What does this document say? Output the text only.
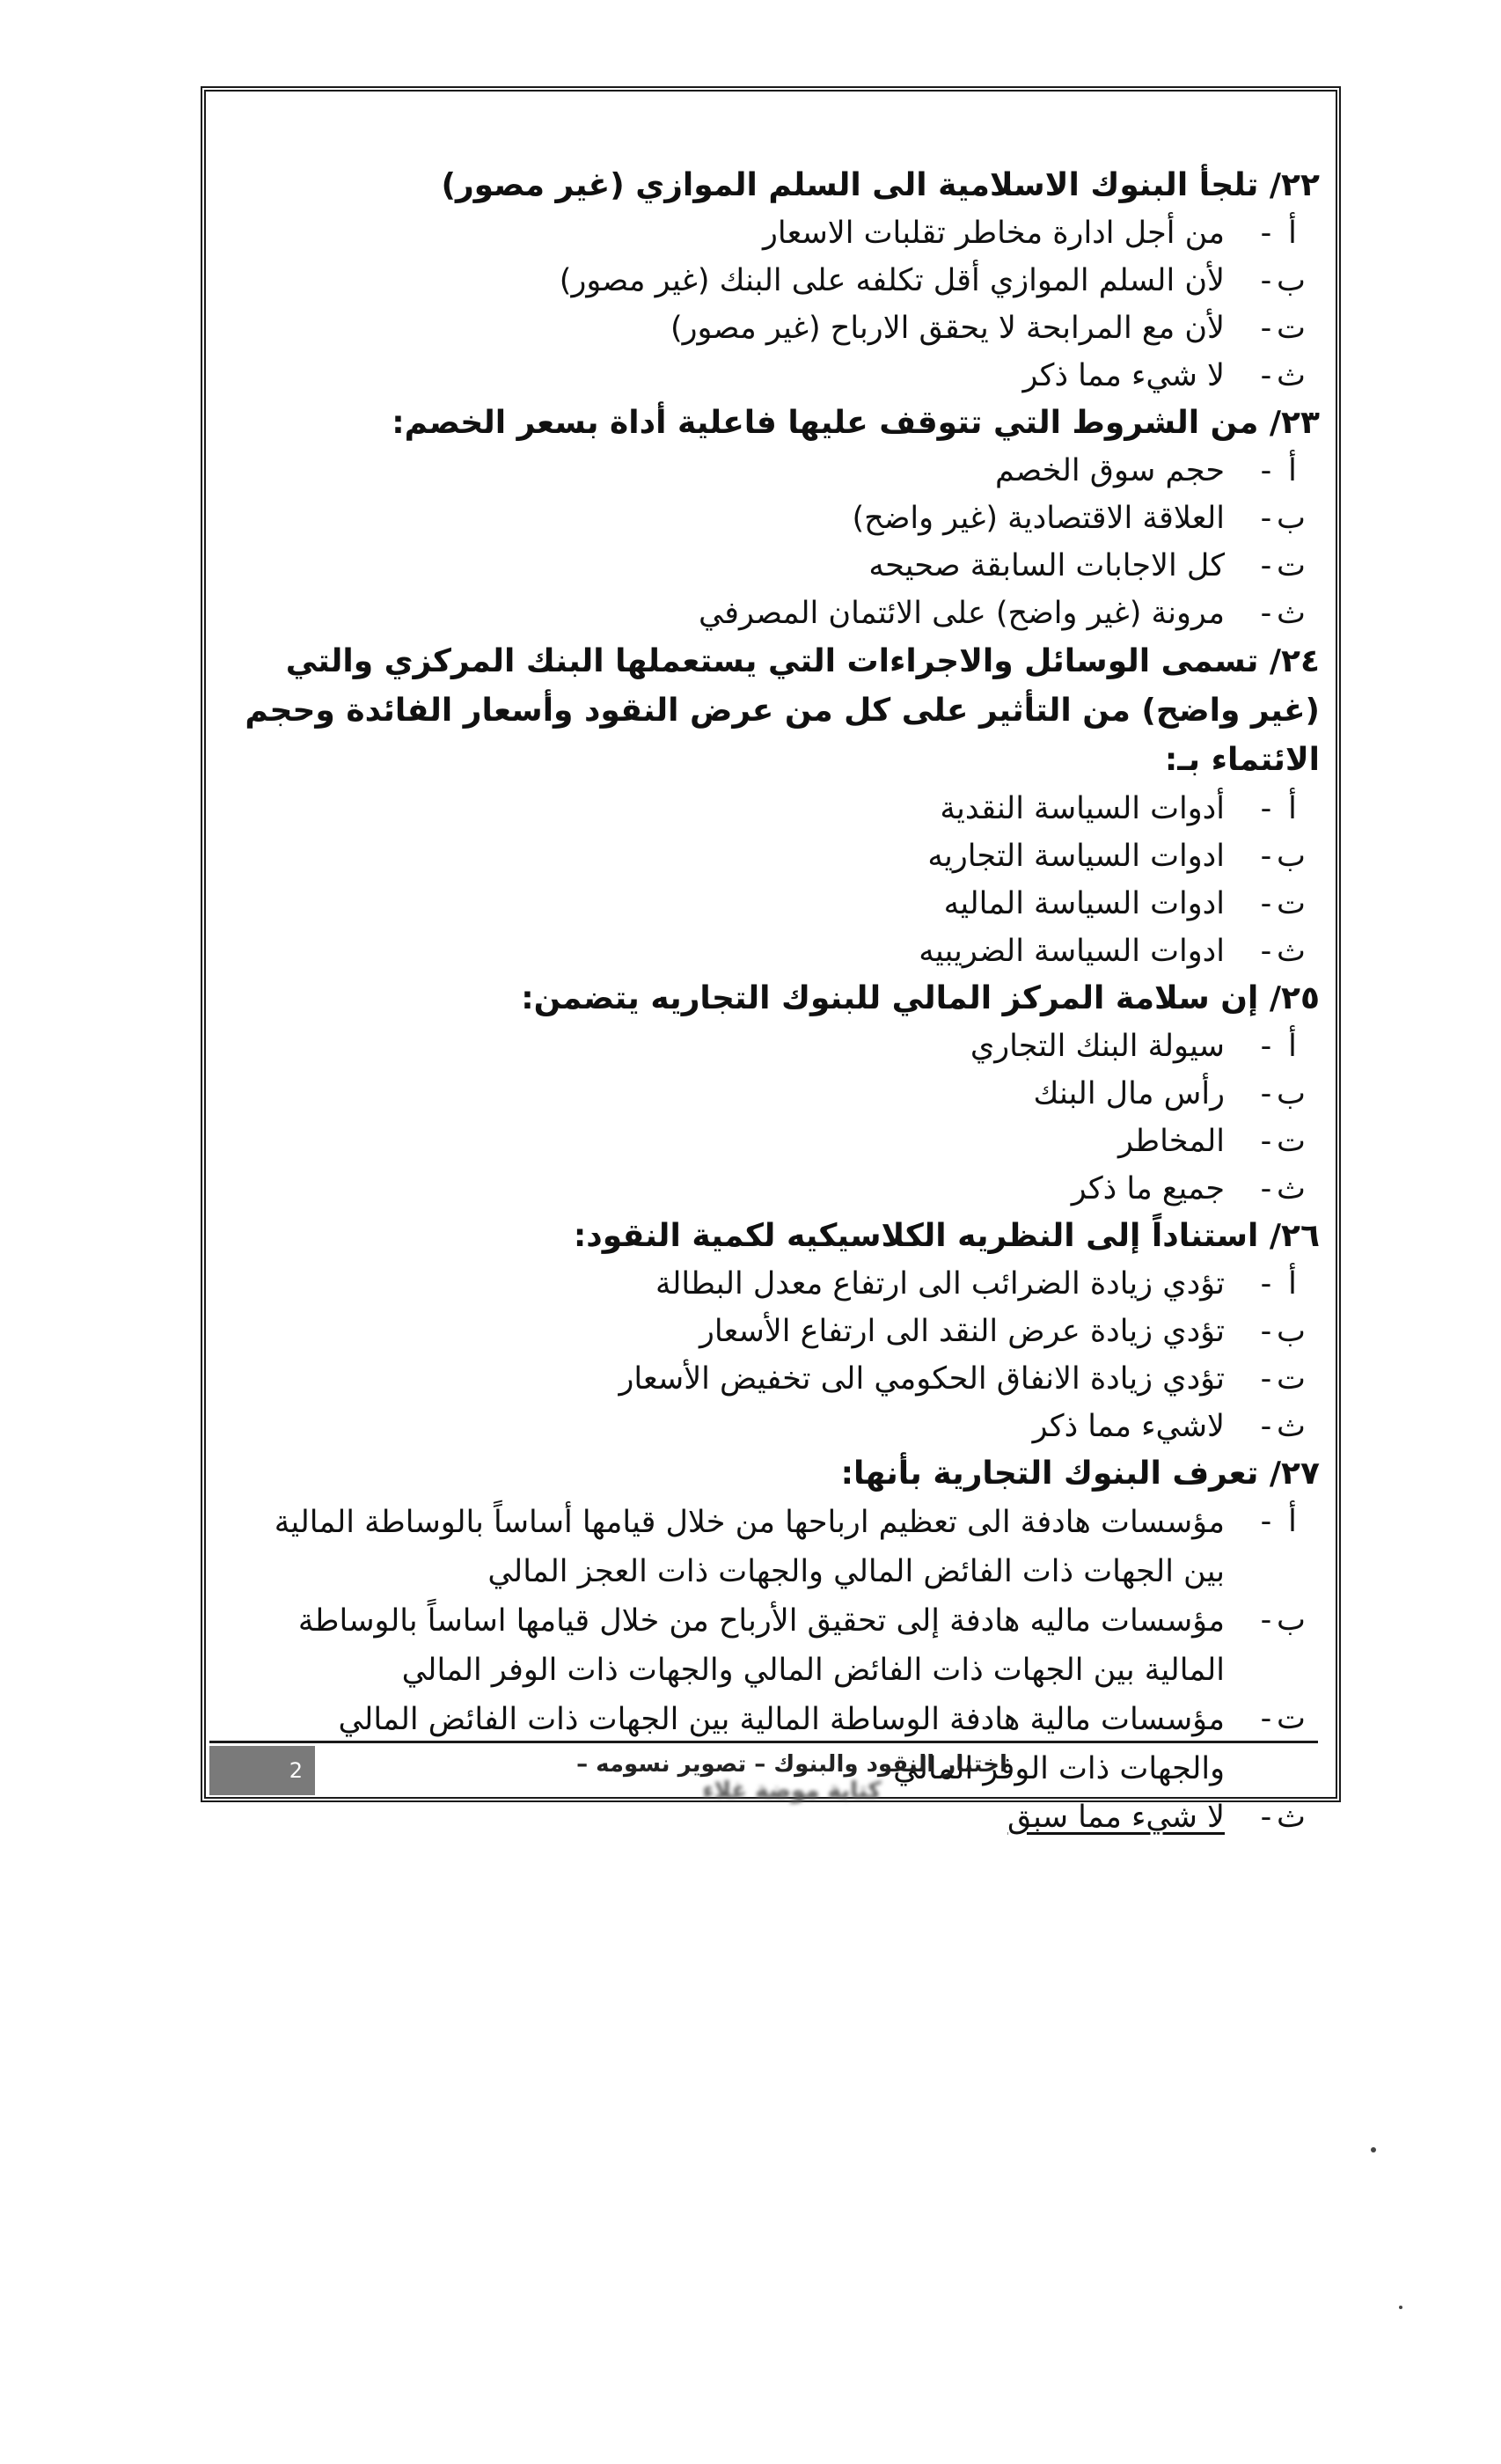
٢٢/ تلجأ البنوك الاسلامية الى السلم الموازي (غير مصور)

أ
-
من أجل ادارة مخاطر تقلبات الاسعار
ب
-
لأن السلم الموازي أقل تكلفه على البنك (غير مصور)
ت
-
لأن مع المرابحة لا يحقق الارباح (غير مصور)
ث
-
لا شيء مما ذكر

٢٣/ من الشروط التي تتوقف عليها فاعلية أداة بسعر الخصم:

أ
-
حجم سوق الخصم
ب
-
العلاقة الاقتصادية (غير واضح)
ت
-
كل الاجابات السابقة صحيحه
ث
-
مرونة (غير واضح) على الائتمان المصرفي

٢٤/ تسمى الوسائل والاجراءات التي يستعملها البنك المركزي والتي (غير واضح) من التأثير على كل من عرض النقود وأسعار الفائدة وحجم الائتماء بـ:

أ
-
أدوات السياسة النقدية
ب
-
ادوات السياسة التجاريه
ت
-
ادوات السياسة الماليه
ث
-
ادوات السياسة الضريبيه

٢٥/ إن سلامة المركز المالي للبنوك التجاريه يتضمن:

أ
-
سيولة البنك التجاري
ب
-
رأس مال البنك
ت
-
المخاطر
ث
-
جميع ما ذكر

٢٦/ استناداً إلى النظريه الكلاسيكيه لكمية النقود:

أ
-
تؤدي زيادة الضرائب الى ارتفاع معدل البطالة
ب
-
تؤدي زيادة عرض النقد الى ارتفاع الأسعار
ت
-
تؤدي زيادة الانفاق الحكومي الى تخفيض الأسعار
ث
-
لاشيء مما ذكر

٢٧/ تعرف البنوك التجارية بأنها:

أ
-
مؤسسات هادفة الى تعظيم ارباحها من خلال قيامها أساساً بالوساطة المالية بين الجهات ذات الفائض المالي والجهات ذات العجز المالي
ب
-
مؤسسات ماليه هادفة إلى تحقيق الأرباح من خلال قيامها اساساً بالوساطة المالية بين الجهات ذات الفائض المالي والجهات ذات الوفر المالي
ت
-
مؤسسات مالية هادفة الوساطة المالية بين الجهات ذات الفائض المالي والجهات ذات الوفر المالي
ث
-
لا شيء مما سبق
2	اختبار النقود والبنوك – تصوير نسومه – كتابة موضة غلاء
